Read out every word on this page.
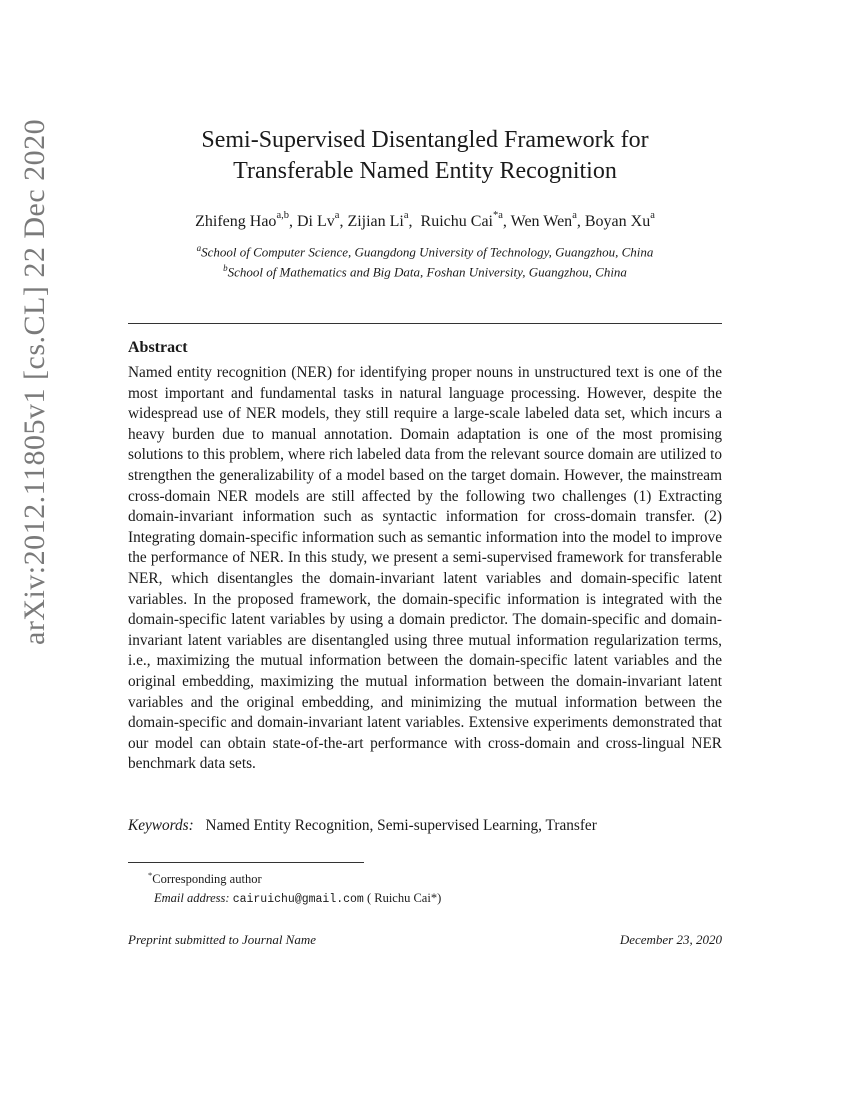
arXiv:2012.11805v1 [cs.CL] 22 Dec 2020	Semi-Supervised Disentangled Framework for
Transferable Named Entity Recognition
Zhifeng Hao$^{a,b}$, Di Lv$^a$, Zijian Li$^a$,  Ruichu Cai$^{*a}$, Wen Wen$^a$, Boyan Xu$^a$
$^a$School of Computer Science, Guangdong University of Technology, Guangzhou, China
$^b$School of Mathematics and Big Data, Foshan University, Guangzhou, China
Abstract
Named entity recognition (NER) for identifying proper nouns in unstructured text is one of the most important and fundamental tasks in natural language processing. However, despite the widespread use of NER models, they still require a large-scale labeled data set, which incurs a heavy burden due to manual annotation. Domain adaptation is one of the most promising solutions to this problem, where rich labeled data from the relevant source domain are utilized to strengthen the generalizability of a model based on the target domain. However, the mainstream cross-domain NER models are still affected by the following two challenges (1) Extracting domain-invariant information such as syntactic information for cross-domain transfer. (2) Integrating domain-specific information such as semantic information into the model to improve the performance of NER. In this study, we present a semi-supervised framework for transferable NER, which disentangles the domain-invariant latent variables and domain-specific latent variables. In the proposed framework, the domain-specific information is integrated with the domain-specific latent variables by using a domain predictor. The domain-specific and domain-invariant latent variables are disentangled using three mutual information regularization terms, i.e., maximizing the mutual information between the domain-specific latent variables and the original embedding, maximizing the mutual information between the domain-invariant latent variables and the original embedding, and minimizing the mutual information between the domain-specific and domain-invariant latent variables. Extensive experiments demonstrated that our model can obtain state-of-the-art performance with cross-domain and cross-lingual NER benchmark data sets.
Keywords: Named Entity Recognition, Semi-supervised Learning, Transfer
*Corresponding author
Email address: cairuichu@gmail.com ( Ruichu Cai*)
Preprint submitted to Journal Name	December 23, 2020
